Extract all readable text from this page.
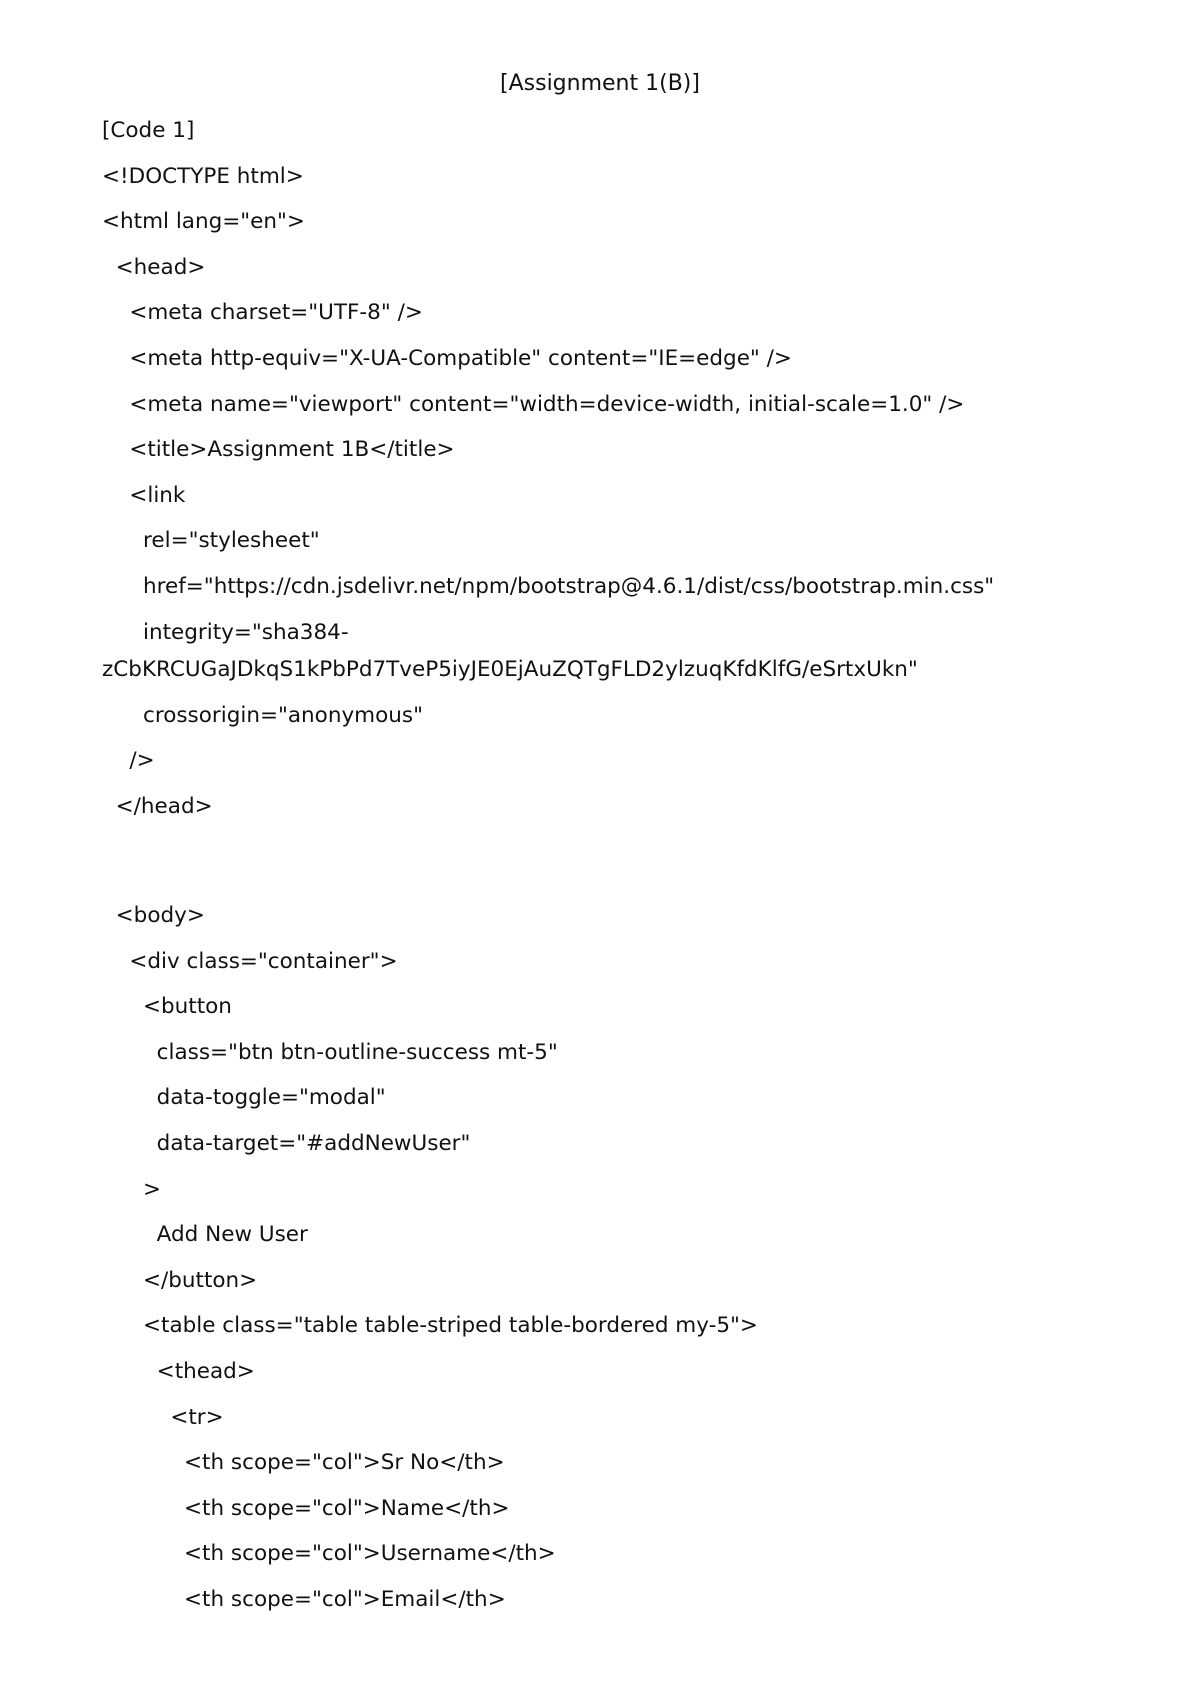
[Assignment 1(B)]
[Code 1]
<!DOCTYPE html>
<html lang="en">
<head>
<meta charset="UTF-8" />
<meta http-equiv="X-UA-Compatible" content="IE=edge" />
<meta name="viewport" content="width=device-width, initial-scale=1.0" />
<title>Assignment 1B</title>
<link
rel="stylesheet"
href="https://cdn.jsdelivr.net/npm/bootstrap@4.6.1/dist/css/bootstrap.min.css"
integrity="sha384-
zCbKRCUGaJDkqS1kPbPd7TveP5iyJE0EjAuZQTgFLD2ylzuqKfdKlfG/eSrtxUkn"
crossorigin="anonymous"
/>
</head>
<body>
<div class="container">
<button
class="btn btn-outline-success mt-5"
data-toggle="modal"
data-target="#addNewUser"
>
Add New User
</button>
<table class="table table-striped table-bordered my-5">
<thead>
<tr>
<th scope="col">Sr No</th>
<th scope="col">Name</th>
<th scope="col">Username</th>
<th scope="col">Email</th>
